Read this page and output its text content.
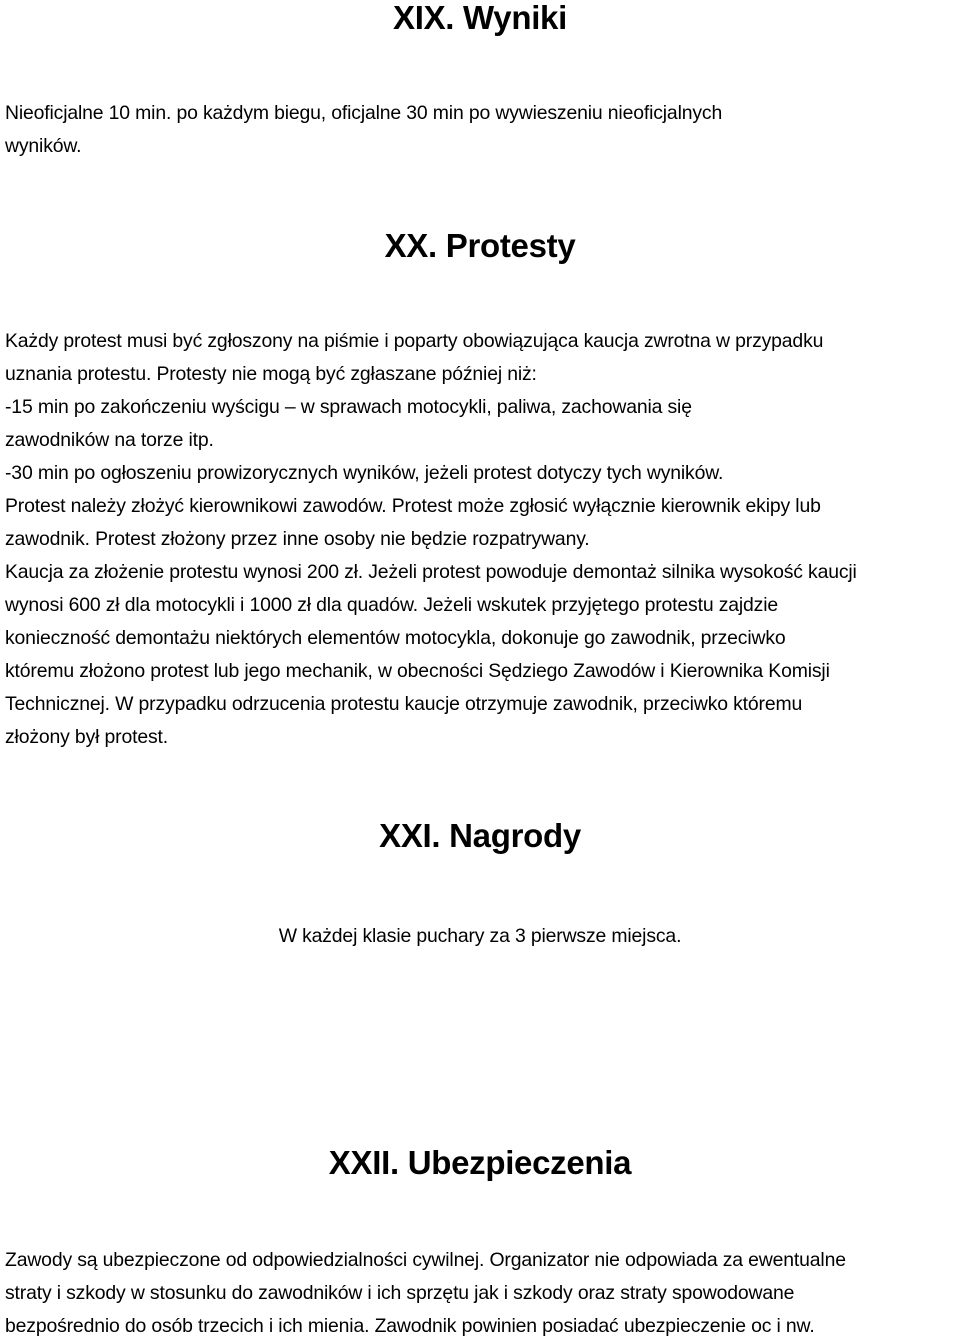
XIX. Wyniki
Nieoficjalne 10 min. po każdym biegu, oficjalne 30 min po wywieszeniu nieoficjalnych
wyników.
XX. Protesty
Każdy protest musi być zgłoszony na piśmie i poparty obowiązująca kaucja zwrotna w przypadku
uznania protestu. Protesty nie mogą być zgłaszane później niż:
-15 min po zakończeniu wyścigu – w sprawach motocykli, paliwa, zachowania się
zawodników na torze itp.
-30 min po ogłoszeniu prowizorycznych wyników, jeżeli protest dotyczy tych wyników.
Protest należy złożyć kierownikowi zawodów. Protest może zgłosić wyłącznie kierownik ekipy lub
zawodnik. Protest złożony przez inne osoby nie będzie rozpatrywany.
Kaucja za złożenie protestu wynosi 200 zł. Jeżeli protest powoduje demontaż silnika wysokość kaucji
wynosi 600 zł dla motocykli i 1000 zł dla quadów. Jeżeli wskutek przyjętego protestu zajdzie
konieczność demontażu niektórych elementów motocykla, dokonuje go zawodnik, przeciwko
któremu złożono protest lub jego mechanik, w obecności Sędziego Zawodów i Kierownika Komisji
Technicznej. W przypadku odrzucenia protestu kaucje otrzymuje zawodnik, przeciwko któremu
złożony był protest.
XXI. Nagrody
W każdej klasie puchary za 3 pierwsze miejsca.
XXII. Ubezpieczenia
Zawody są ubezpieczone od odpowiedzialności cywilnej. Organizator nie odpowiada za ewentualne
straty i szkody w stosunku do zawodników i ich sprzętu jak i szkody oraz straty spowodowane
bezpośrednio do osób trzecich i ich mienia. Zawodnik powinien posiadać ubezpieczenie oc i nw.
